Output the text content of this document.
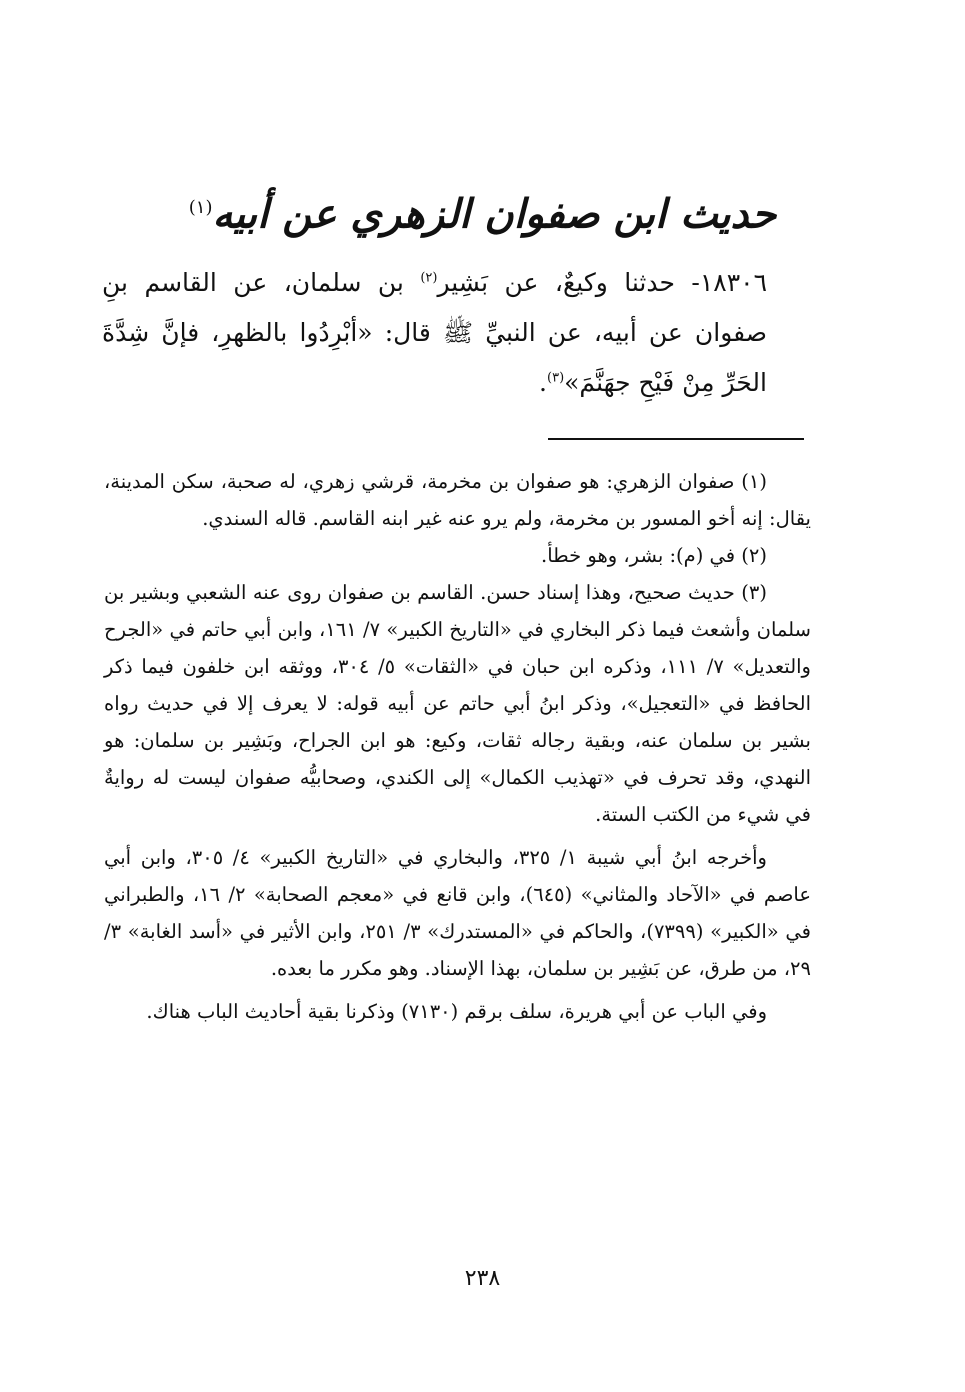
حديث ابن صفوان الزهري عن أبيه$^{(١)}$

١٨٣٠٦- حدثنا وكيعٌ، عن بَشِير$^{(٢)}$ بن سلمان، عن القاسم بنِ صفوان عن أبيه، عن النبيِّ ﷺ قال: «أبْرِدُوا بالظهرِ، فإنَّ شِدَّةَ الحَرِّ مِنْ فَيْحِ جهَنَّمَ»$^{(٣)}$.

(١) صفوان الزهري: هو صفوان بن مخرمة، قرشي زهري، له صحبة، سكن المدينة، يقال: إنه أخو المسور بن مخرمة، ولم يرو عنه غير ابنه القاسم. قاله السندي.

(٢) في (م): بشر، وهو خطأ.

(٣) حديث صحيح، وهذا إسناد حسن. القاسم بن صفوان روى عنه الشعبي وبشير بن سلمان وأشعث فيما ذكر البخاري في «التاريخ الكبير» ٧/ ١٦١، وابن أبي حاتم في «الجرح والتعديل» ٧/ ١١١، وذكره ابن حبان في «الثقات» ٥/ ٣٠٤، ووثقه ابن خلفون فيما ذكر الحافظ في «التعجيل»، وذكر ابنُ أبي حاتم عن أبيه قوله: لا يعرف إلا في حديث رواه بشير بن سلمان عنه، وبقية رجاله ثقات، وكيع: هو ابن الجراح، وبَشِير بن سلمان: هو النهدي، وقد تحرف في «تهذيب الكمال» إلى الكندي، وصحابيُّه صفوان ليست له روايةٌ في شيء من الكتب الستة.

وأخرجه ابنُ أبي شيبة ١/ ٣٢٥، والبخاري في «التاريخ الكبير» ٤/ ٣٠٥، وابن أبي عاصم في «الآحاد والمثاني» (٦٤٥)، وابن قانع في «معجم الصحابة» ٢/ ١٦، والطبراني في «الكبير» (٧٣٩٩)، والحاكم في «المستدرك» ٣/ ٢٥١، وابن الأثير في «أسد الغابة» ٣/ ٢٩، من طرق، عن بَشِير بن سلمان، بهذا الإسناد. وهو مكرر ما بعده.

وفي الباب عن أبي هريرة، سلف برقم (٧١٣٠) وذكرنا بقية أحاديث الباب هناك.

٢٣٨
